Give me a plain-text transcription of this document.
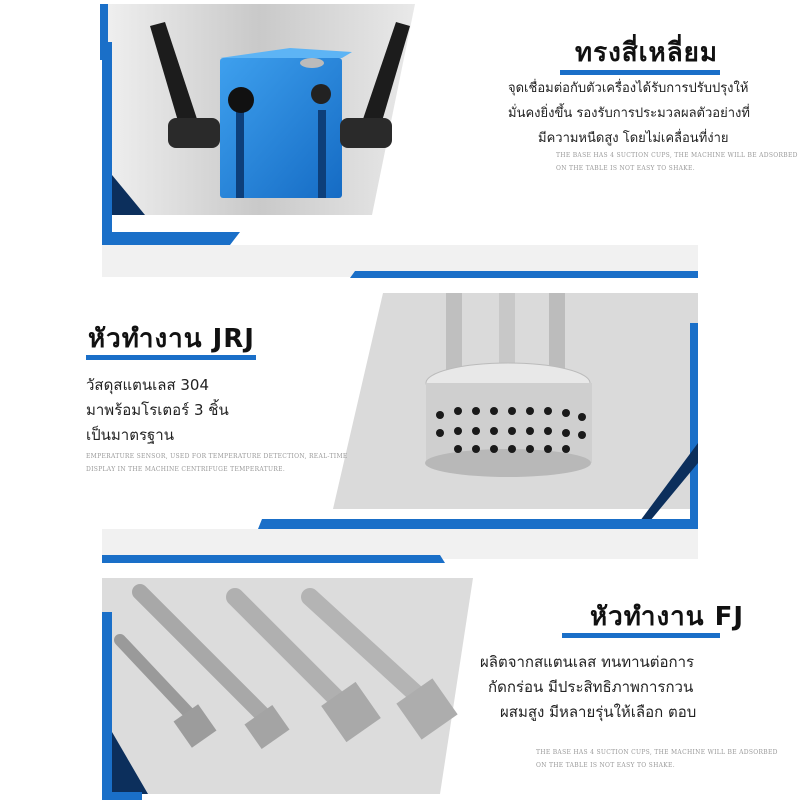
ทรงสี่เหลี่ยม
จุดเชื่อมต่อกับตัวเครื่องได้รับการปรับปรุงให้
มั่นคงยิ่งขึ้น รองรับการประมวลผลตัวอย่างที่
มีความหนืดสูง โดยไม่เคลื่อนที่ง่าย
THE BASE HAS 4 SUCTION CUPS, THE MACHINE WILL BE ADSORBED
ON THE TABLE IS NOT EASY TO SHAKE.
หัวทำงาน JRJ
วัสดุสแตนเลส 304
มาพร้อมโรเตอร์ 3 ชิ้น
เป็นมาตรฐาน
EMPERATURE SENSOR, USED FOR TEMPERATURE DETECTION, REAL-TIME
DISPLAY IN THE MACHINE CENTRIFUGE TEMPERATURE.
หัวทำงาน FJ
ผลิตจากสแตนเลส ทนทานต่อการ
กัดกร่อน มีประสิทธิภาพการกวน
ผสมสูง มีหลายรุ่นให้เลือก ตอบ
THE BASE HAS 4 SUCTION CUPS, THE MACHINE WILL BE ADSORBED
ON THE TABLE IS NOT EASY TO SHAKE.
